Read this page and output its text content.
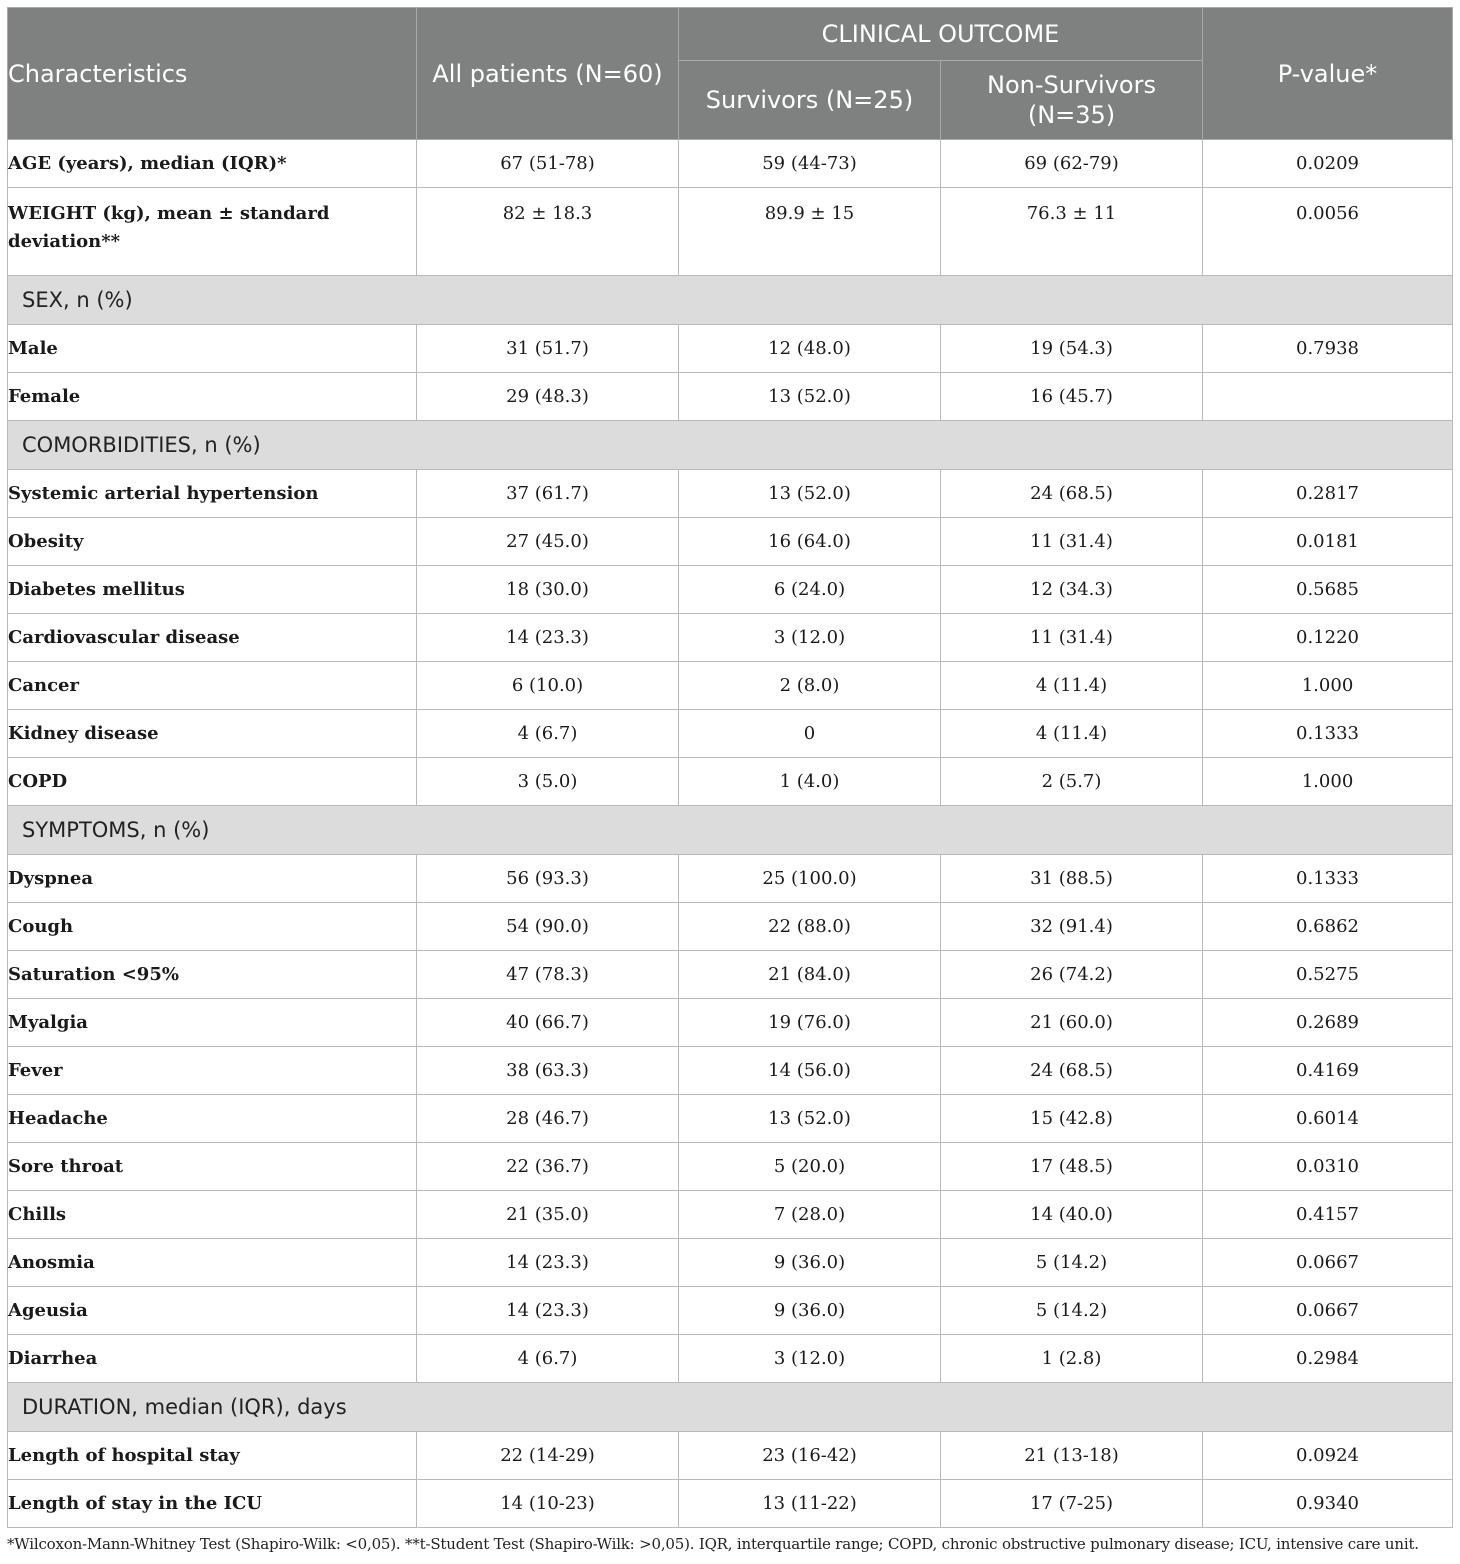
Characteristics	All patients (N=60)	CLINICAL OUTCOME		P-value*
		Survivors (N=25)	Non-Survivors (N=35)	
AGE (years), median (IQR)*	67 (51-78)	59 (44-73)	69 (62-79)	0.0209
WEIGHT (kg), mean ± standard deviation**	82 ± 18.3	89.9 ± 15	76.3 ± 11	0.0056
SEX, n (%)				
Male	31 (51.7)	12 (48.0)	19 (54.3)	0.7938
Female	29 (48.3)	13 (52.0)	16 (45.7)	
COMORBIDITIES, n (%)				
Systemic arterial hypertension	37 (61.7)	13 (52.0)	24 (68.5)	0.2817
Obesity	27 (45.0)	16 (64.0)	11 (31.4)	0.0181
Diabetes mellitus	18 (30.0)	6 (24.0)	12 (34.3)	0.5685
Cardiovascular disease	14 (23.3)	3 (12.0)	11 (31.4)	0.1220
Cancer	6 (10.0)	2 (8.0)	4 (11.4)	1.000
Kidney disease	4 (6.7)	0	4 (11.4)	0.1333
COPD	3 (5.0)	1 (4.0)	2 (5.7)	1.000
SYMPTOMS, n (%)				
Dyspnea	56 (93.3)	25 (100.0)	31 (88.5)	0.1333
Cough	54 (90.0)	22 (88.0)	32 (91.4)	0.6862
Saturation <95%	47 (78.3)	21 (84.0)	26 (74.2)	0.5275
Myalgia	40 (66.7)	19 (76.0)	21 (60.0)	0.2689
Fever	38 (63.3)	14 (56.0)	24 (68.5)	0.4169
Headache	28 (46.7)	13 (52.0)	15 (42.8)	0.6014
Sore throat	22 (36.7)	5 (20.0)	17 (48.5)	0.0310
Chills	21 (35.0)	7 (28.0)	14 (40.0)	0.4157
Anosmia	14 (23.3)	9 (36.0)	5 (14.2)	0.0667
Ageusia	14 (23.3)	9 (36.0)	5 (14.2)	0.0667
Diarrhea	4 (6.7)	3 (12.0)	1 (2.8)	0.2984
DURATION, median (IQR), days				
Length of hospital stay	22 (14-29)	23 (16-42)	21 (13-18)	0.0924
Length of stay in the ICU	14 (10-23)	13 (11-22)	17 (7-25)	0.9340
*Wilcoxon-Mann-Whitney Test (Shapiro-Wilk: <0,05). **t-Student Test (Shapiro-Wilk: >0,05). IQR, interquartile range; COPD, chronic obstructive pulmonary disease; ICU, intensive care unit.
